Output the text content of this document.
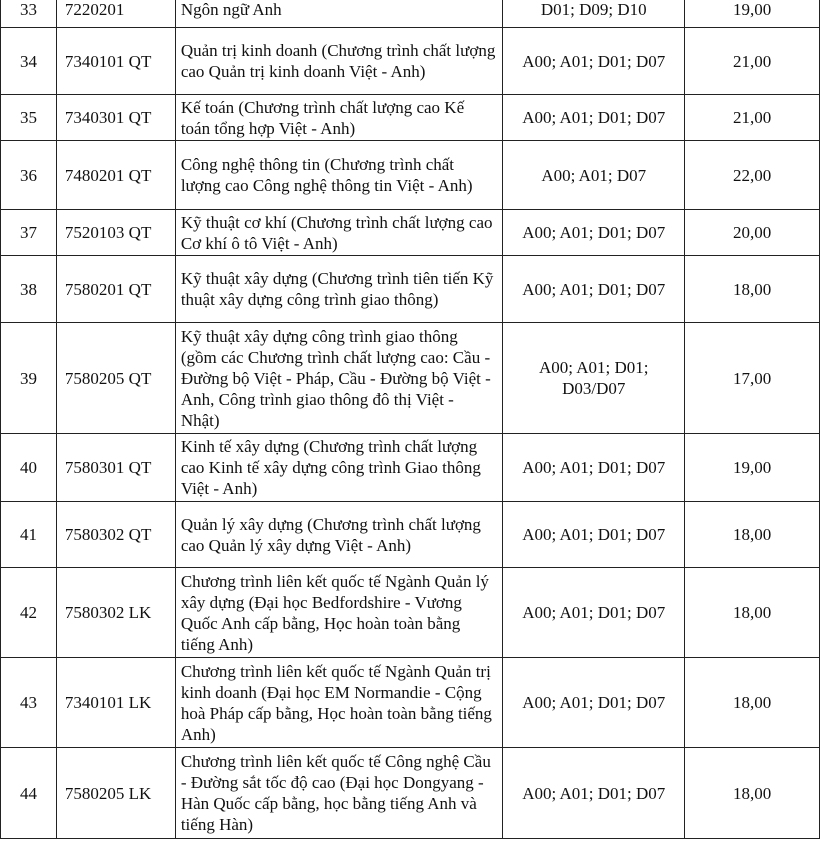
33	7220201	Ngôn ngữ Anh	D01; D09; D10	19,00
34	7340101 QT	Quản trị kinh doanh (Chương trình chất lượng cao Quản trị kinh doanh Việt - Anh)	A00; A01; D01; D07	21,00
35	7340301 QT	Kế toán (Chương trình chất lượng cao Kế toán tổng hợp Việt - Anh)	A00; A01; D01; D07	21,00
36	7480201 QT	Công nghệ thông tin (Chương trình chất lượng cao Công nghệ thông tin Việt - Anh)	A00; A01; D07	22,00
37	7520103 QT	Kỹ thuật cơ khí (Chương trình chất lượng cao Cơ khí ô tô Việt - Anh)	A00; A01; D01; D07	20,00
38	7580201 QT	Kỹ thuật xây dựng (Chương trình tiên tiến Kỹ thuật xây dựng công trình giao thông)	A00; A01; D01; D07	18,00
39	7580205 QT	Kỹ thuật xây dựng công trình giao thông (gồm các Chương trình chất lượng cao: Cầu - Đường bộ Việt - Pháp, Cầu - Đường bộ Việt - Anh, Công trình giao thông đô thị Việt - Nhật)	A00; A01; D01; D03/D07	17,00
40	7580301 QT	Kinh tế xây dựng (Chương trình chất lượng cao Kinh tế xây dựng công trình Giao thông Việt - Anh)	A00; A01; D01; D07	19,00
41	7580302 QT	Quản lý xây dựng (Chương trình chất lượng cao Quản lý xây dựng Việt - Anh)	A00; A01; D01; D07	18,00
42	7580302 LK	Chương trình liên kết quốc tế Ngành Quản lý xây dựng (Đại học Bedfordshire - Vương Quốc Anh cấp bằng, Học hoàn toàn bằng tiếng Anh)	A00; A01; D01; D07	18,00
43	7340101 LK	Chương trình liên kết quốc tế Ngành Quản trị kinh doanh (Đại học EM Normandie - Cộng hoà Pháp cấp bằng, Học hoàn toàn bằng tiếng Anh)	A00; A01; D01; D07	18,00
44	7580205 LK	Chương trình liên kết quốc tế Công nghệ Cầu - Đường sắt tốc độ cao (Đại học Dongyang - Hàn Quốc cấp bằng, học bằng tiếng Anh và tiếng Hàn)	A00; A01; D01; D07	18,00
